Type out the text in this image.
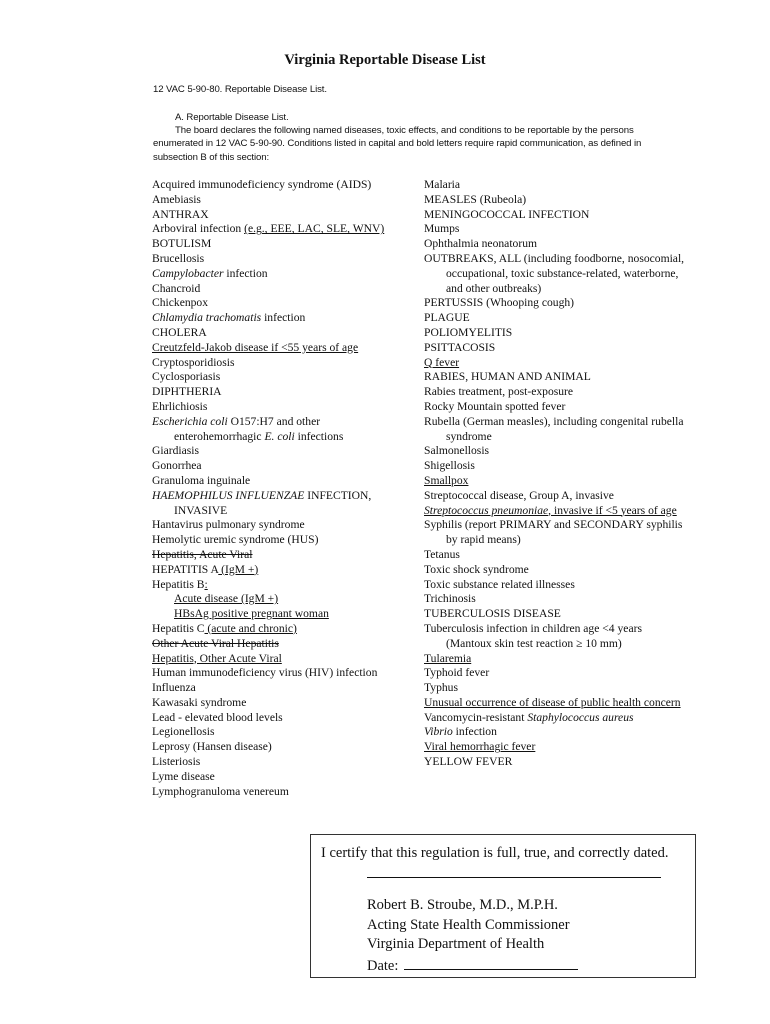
Virginia Reportable Disease List
12 VAC 5-90-80. Reportable Disease List.
A. Reportable Disease List.
The board declares the following named diseases, toxic effects, and conditions to be reportable by the persons
enumerated in 12 VAC 5-90-90. Conditions listed in capital and bold letters require rapid communication, as defined in
subsection B of this section:
Acquired immunodeficiency syndrome (AIDS)
Amebiasis
ANTHRAX
Arboviral infection (e.g., EEE, LAC, SLE, WNV)
BOTULISM
Brucellosis
Campylobacter infection
Chancroid
Chickenpox
Chlamydia trachomatis infection
CHOLERA
Creutzfeld-Jakob disease if <55 years of age
Cryptosporidiosis
Cyclosporiasis
DIPHTHERIA
Ehrlichiosis
Escherichia coli O157:H7 and other
enterohemorrhagic E. coli infections
Giardiasis
Gonorrhea
Granuloma inguinale
HAEMOPHILUS INFLUENZAE INFECTION,
INVASIVE
Hantavirus pulmonary syndrome
Hemolytic uremic syndrome (HUS)
Hepatitis, Acute Viral
HEPATITIS A (IgM +)
Hepatitis B:
Acute disease (IgM +)
HBsAg positive pregnant woman
Hepatitis C (acute and chronic)
Other Acute Viral Hepatitis
Hepatitis, Other Acute Viral
Human immunodeficiency virus (HIV) infection
Influenza
Kawasaki syndrome
Lead - elevated blood levels
Legionellosis
Leprosy (Hansen disease)
Listeriosis
Lyme disease
Lymphogranuloma venereum
Malaria
MEASLES (Rubeola)
MENINGOCOCCAL INFECTION
Mumps
Ophthalmia neonatorum
OUTBREAKS, ALL (including foodborne, nosocomial,
occupational, toxic substance-related, waterborne,
and other outbreaks)
PERTUSSIS (Whooping cough)
PLAGUE
POLIOMYELITIS
PSITTACOSIS
Q fever
RABIES, HUMAN AND ANIMAL
Rabies treatment, post-exposure
Rocky Mountain spotted fever
Rubella (German measles), including congenital rubella
syndrome
Salmonellosis
Shigellosis
Smallpox
Streptococcal disease, Group A, invasive
Streptococcus pneumoniae, invasive if <5 years of age
Syphilis (report PRIMARY and SECONDARY syphilis
by rapid means)
Tetanus
Toxic shock syndrome
Toxic substance related illnesses
Trichinosis
TUBERCULOSIS DISEASE
Tuberculosis infection in children age <4 years
(Mantoux skin test reaction ≥ 10 mm)
Tularemia
Typhoid fever
Typhus
Unusual occurrence of disease of public health concern
Vancomycin-resistant Staphylococcus aureus
Vibrio infection
Viral hemorrhagic fever
YELLOW FEVER
I certify that this regulation is full, true, and correctly dated.
Robert B. Stroube, M.D., M.P.H.
Acting State Health Commissioner
Virginia Department of Health
Date:
